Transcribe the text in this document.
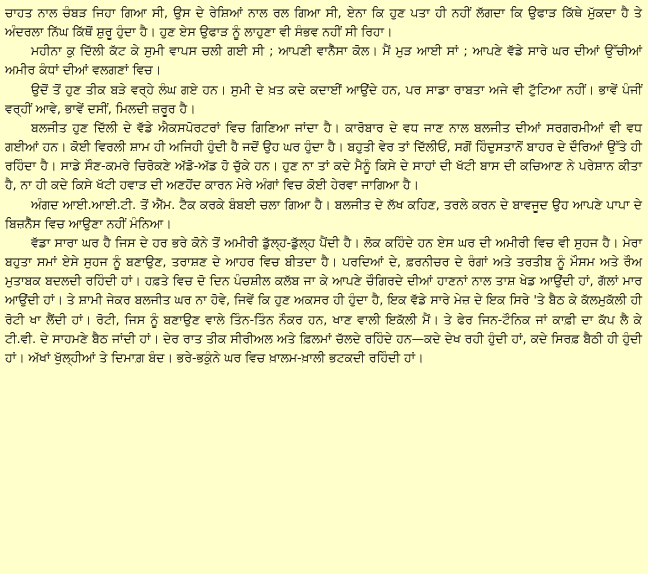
ਚਾਹਤ ਨਾਲ ਚੰਬੜ ਜਿਹਾ ਗਿਆ ਸੀ, ਉਸ ਦੇ ਰੇਸ਼ਿਆਂ ਨਾਲ ਰਲ ਗਿਆ ਸੀ, ਏਨਾ ਕਿ ਹੁਣ ਪਤਾ ਹੀ ਨਹੀਂ ਲੱਗਦਾ ਕਿ ਉਫਾੜ ਕਿੱਥੇ ਮੁੱਕਦਾ ਹੈ ਤੇ ਅੰਦਰਲਾ ਨਿੱਘ ਕਿੱਥੋਂ ਸ਼ੁਰੂ ਹੁੰਦਾ ਹੈ। ਹੁਣ ਏਸ ਉਫਾੜ ਨੂੰ ਲਾਹੁਣਾ ਵੀ ਸੰਭਵ ਨਹੀਂ ਸੀ ਰਿਹਾ।

ਮਹੀਨਾ ਕੁ ਦਿੱਲੀ ਕੱਟ ਕੇ ਸੁਮੀ ਵਾਪਸ ਚਲੀ ਗਈ ਸੀ ; ਆਪਣੀ ਵਾਨੈੱਸਾ ਕੋਲ। ਮੈਂ ਮੁੜ ਆਈ ਸਾਂ ; ਆਪਣੇ ਵੱਡੇ ਸਾਰੇ ਘਰ ਦੀਆਂ ਉੱਚੀਆਂ ਅਮੀਰ ਕੰਧਾਂ ਦੀਆਂ ਵਲਗਣਾਂ ਵਿਚ।

ਉਦੋਂ ਤੋਂ ਹੁਣ ਤੀਕ ਬੜੇ ਵਰ੍ਹੇ ਲੰਘ ਗਏ ਹਨ। ਸੁਮੀ ਦੇ ਖ਼ਤ ਕਦੇ ਕਦਾਈਂ ਆਉਂਦੇ ਹਨ, ਪਰ ਸਾਡਾ ਰਾਬਤਾ ਅਜੇ ਵੀ ਟੁੱਟਿਆ ਨਹੀਂ। ਭਾਵੇਂ ਪੰਜੀਂ ਵਰ੍ਹੀਂ ਆਵੇ, ਭਾਵੇਂ ਦਸੀਂ, ਮਿਲਦੀ ਜ਼ਰੂਰ ਹੈ।

ਬਲਜੀਤ ਹੁਣ ਦਿੱਲੀ ਦੇ ਵੱਡੇ ਐਕਸਪੋਰਟਰਾਂ ਵਿਚ ਗਿਣਿਆ ਜਾਂਦਾ ਹੈ। ਕਾਰੋਬਾਰ ਦੇ ਵਧ ਜਾਣ ਨਾਲ ਬਲਜੀਤ ਦੀਆਂ ਸਰਗਰਮੀਆਂ ਵੀ ਵਧ ਗਈਆਂ ਹਨ। ਕੋਈ ਵਿਰਲੀ ਸ਼ਾਮ ਹੀ ਅਜਿਹੀ ਹੁੰਦੀ ਹੈ ਜਦੋਂ ਉਹ ਘਰ ਹੁੰਦਾ ਹੈ। ਬਹੁਤੀ ਵੇਰ ਤਾਂ ਦਿੱਲੀਓਂ, ਸਗੋਂ ਹਿੰਦੁਸਤਾਨੋਂ ਬਾਹਰ ਦੇ ਦੌਰਿਆਂ ਉੱਤੇ ਹੀ ਰਹਿੰਦਾ ਹੈ। ਸਾਡੇ ਸੌਣ-ਕਮਰੇ ਚਿਰੋਕਣੇ ਅੱਡੋ-ਅੱਡ ਹੋ ਚੁੱਕੇ ਹਨ। ਹੁਣ ਨਾ ਤਾਂ ਕਦੇ ਮੈਨੂੰ ਕਿਸੇ ਦੇ ਸਾਹਾਂ ਦੀ ਖੱਟੀ ਬਾਸ ਦੀ ਕਚਿਆਣ ਨੇ ਪਰੇਸ਼ਾਨ ਕੀਤਾ ਹੈ, ਨਾ ਹੀ ਕਦੇ ਕਿਸੇ ਖੱਟੀ ਹਵਾੜ ਦੀ ਅਣਹੋਂਦ ਕਾਰਨ ਮੇਰੇ ਅੰਗਾਂ ਵਿਚ ਕੋਈ ਹੇਰਵਾ ਜਾਗਿਆ ਹੈ।

ਅੰਗਦ ਆਈ.ਆਈ.ਟੀ. ਤੋਂ ਐੱਮ. ਟੈਕ ਕਰਕੇ ਬੰਬਈ ਚਲਾ ਗਿਆ ਹੈ। ਬਲਜੀਤ ਦੇ ਲੱਖ ਕਹਿਣ, ਤਰਲੇ ਕਰਨ ਦੇ ਬਾਵਜੂਦ ਉਹ ਆਪਣੇ ਪਾਪਾ ਦੇ ਬਿਜ਼ਨੈੱਸ ਵਿਚ ਆਉਣਾ ਨਹੀਂ ਮੰਨਿਆ।

ਵੱਡਾ ਸਾਰਾ ਘਰ ਹੈ ਜਿਸ ਦੇ ਹਰ ਭਰੇ ਕੋਨੇ ਤੋਂ ਅਮੀਰੀ ਡੁੱਲ੍ਹ-ਡੁੱਲ੍ਹ ਪੈਂਦੀ ਹੈ। ਲੋਕ ਕਹਿੰਦੇ ਹਨ ਏਸ ਘਰ ਦੀ ਅਮੀਰੀ ਵਿਚ ਵੀ ਸੁਹਜ ਹੈ। ਮੇਰਾ ਬਹੁਤਾ ਸਮਾਂ ਏਸੇ ਸੁਹਜ ਨੂੰ ਬਣਾਉਣ, ਤਰਾਸ਼ਣ ਦੇ ਆਹਰ ਵਿਚ ਬੀਤਦਾ ਹੈ। ਪਰਦਿਆਂ ਦੇ, ਫ਼ਰਨੀਚਰ ਦੇ ਰੰਗਾਂ ਅਤੇ ਤਰਤੀਬ ਨੂੰ ਮੌਸਮ ਅਤੇ ਰੌਅ ਮੁਤਾਬਕ ਬਦਲਦੀ ਰਹਿੰਦੀ ਹਾਂ। ਹਫ਼ਤੇ ਵਿਚ ਦੋ ਦਿਨ ਪੰਚਸ਼ੀਲ ਕਲੱਬ ਜਾ ਕੇ ਆਪਣੇ ਚੌਗਿਰਦੇ ਦੀਆਂ ਹਾਣਨਾਂ ਨਾਲ ਤਾਸ਼ ਖੇਡ ਆਉਂਦੀ ਹਾਂ, ਗੱਲਾਂ ਮਾਰ ਆਉਂਦੀ ਹਾਂ। ਤੇ ਸ਼ਾਮੀ ਜੇਕਰ ਬਲਜੀਤ ਘਰ ਨਾ ਹੋਵੇ, ਜਿਵੇਂ ਕਿ ਹੁਣ ਅਕਸਰ ਹੀ ਹੁੰਦਾ ਹੈ, ਇਕ ਵੱਡੇ ਸਾਰੇ ਮੇਜ਼ ਦੇ ਇਕ ਸਿਰੇ 'ਤੇ ਬੈਠ ਕੇ ਕੱਲਮੁਕੱਲੀ ਹੀ ਰੋਟੀ ਖਾ ਲੈਂਦੀ ਹਾਂ। ਰੋਟੀ, ਜਿਸ ਨੂੰ ਬਣਾਉਣ ਵਾਲੇ ਤਿੰਨ-ਤਿੰਨ ਨੌਕਰ ਹਨ, ਖਾਣ ਵਾਲੀ ਇਕੱਲੀ ਮੈਂ। ਤੇ ਫੇਰ ਜਿਨ-ਟੌਨਿਕ ਜਾਂ ਕਾਫ਼ੀ ਦਾ ਕੱਪ ਲੈ ਕੇ ਟੀ.ਵੀ. ਦੇ ਸਾਹਮਣੇ ਬੈਠ ਜਾਂਦੀ ਹਾਂ। ਦੇਰ ਰਾਤ ਤੀਕ ਸੀਰੀਅਲ ਅਤੇ ਫ਼ਿਲਮਾਂ ਚੱਲਦੇ ਰਹਿੰਦੇ ਹਨ—ਕਦੇ ਦੇਖ ਰਹੀ ਹੁੰਦੀ ਹਾਂ, ਕਦੇ ਸਿਰਫ਼ ਬੈਠੀ ਹੀ ਹੁੰਦੀ ਹਾਂ। ਅੱਖਾਂ ਖੁੱਲ੍ਹੀਆਂ ਤੇ ਦਿਮਾਗ਼ ਬੰਦ। ਭਰੇ-ਭਕੁੰਨੇ ਘਰ ਵਿਚ ਖ਼ਾਲਮ-ਖ਼ਾਲੀ ਭਟਕਦੀ ਰਹਿੰਦੀ ਹਾਂ।
